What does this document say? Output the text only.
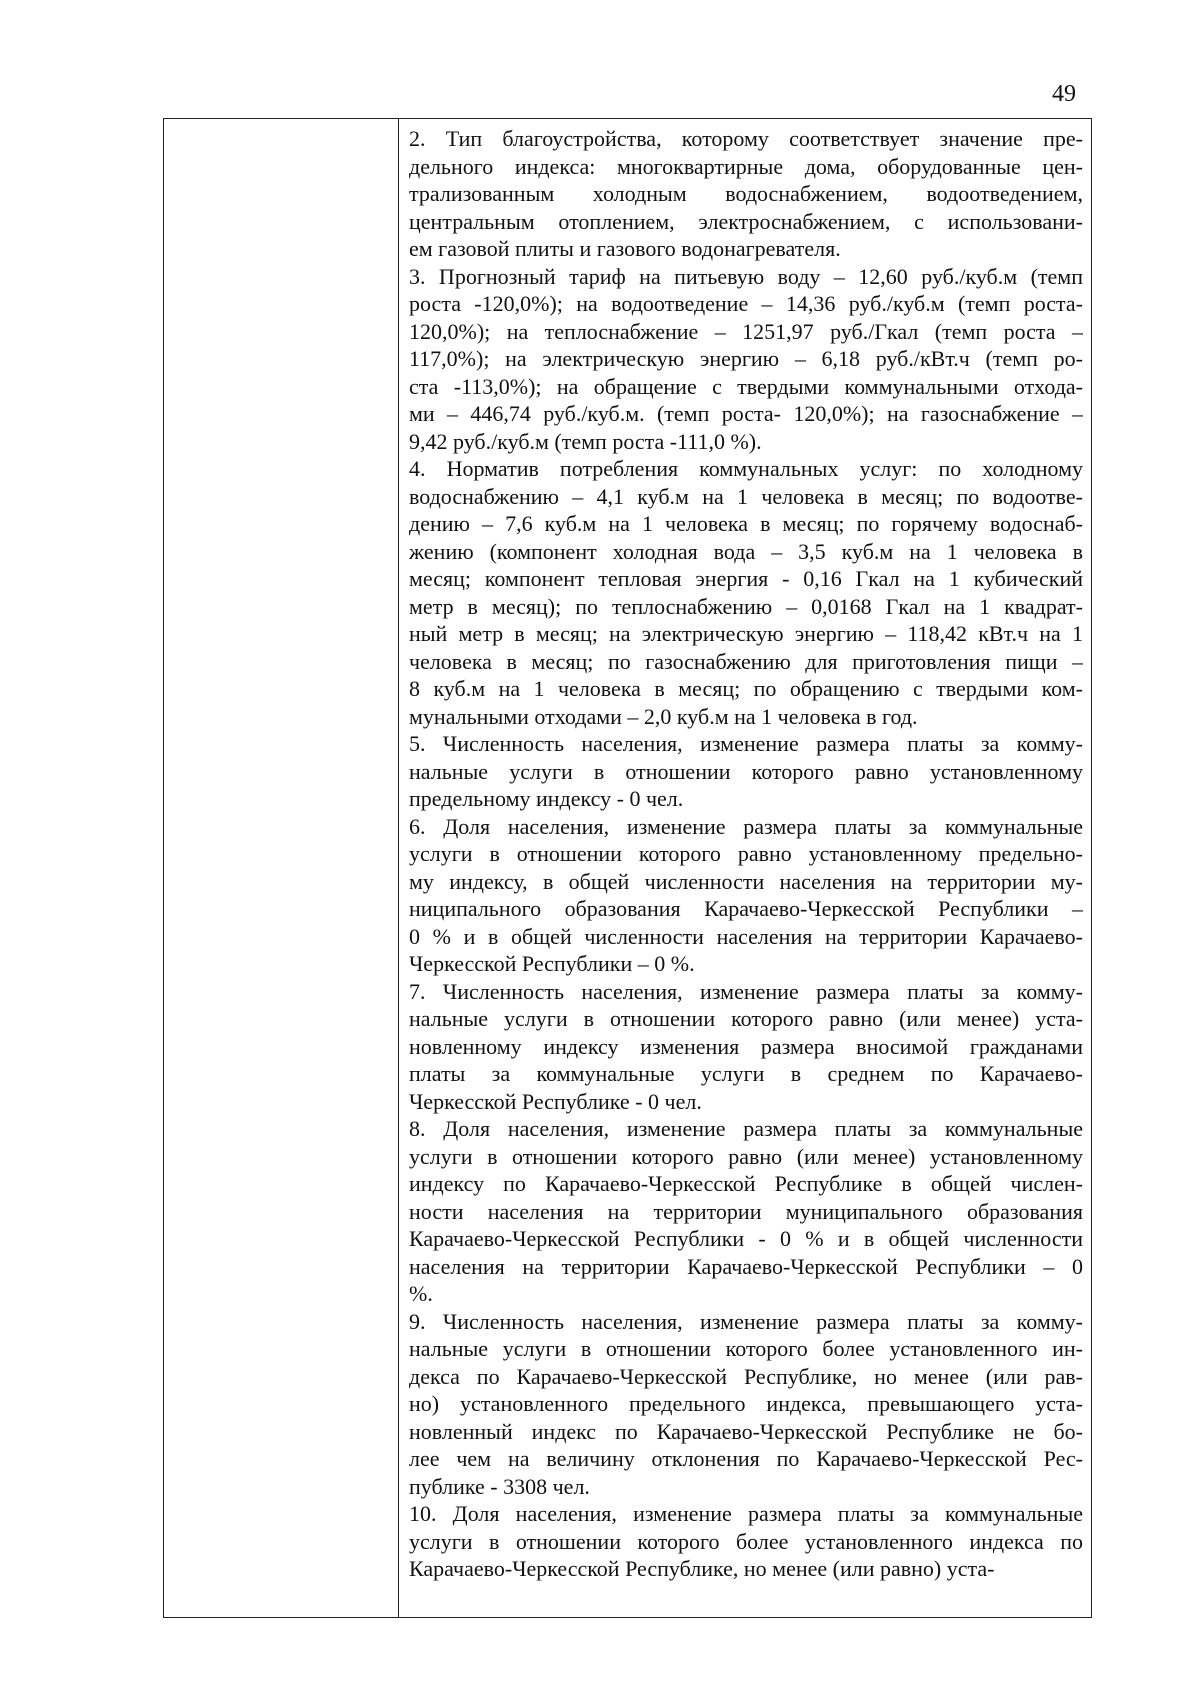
49
2. Тип благоустройства, которому соответствует значение пре-
дельного индекса: многоквартирные дома, оборудованные цен-
трализованным холодным водоснабжением, водоотведением,
центральным отоплением, электроснабжением, с использовани-
ем газовой плиты и газового водонагревателя.
3. Прогнозный тариф на питьевую воду – 12,60 руб./куб.м (темп
роста -120,0%); на водоотведение – 14,36 руб./куб.м (темп роста-
120,0%); на теплоснабжение – 1251,97 руб./Гкал (темп роста –
117,0%); на электрическую энергию – 6,18 руб./кВт.ч (темп ро-
ста -113,0%); на обращение с твердыми коммунальными отхода-
ми – 446,74 руб./куб.м. (темп роста- 120,0%); на газоснабжение –
9,42 руб./куб.м (темп роста -111,0 %).
4. Норматив потребления коммунальных услуг: по холодному
водоснабжению – 4,1 куб.м на 1 человека в месяц; по водоотве-
дению – 7,6 куб.м на 1 человека в месяц; по горячему водоснаб-
жению (компонент холодная вода – 3,5 куб.м на 1 человека в
месяц; компонент тепловая энергия - 0,16 Гкал на 1 кубический
метр в месяц); по теплоснабжению – 0,0168 Гкал на 1 квадрат-
ный метр в месяц; на электрическую энергию – 118,42 кВт.ч на 1
человека в месяц; по газоснабжению для приготовления пищи –
8 куб.м на 1 человека в месяц; по обращению с твердыми ком-
мунальными отходами – 2,0 куб.м на 1 человека в год.
5. Численность населения, изменение размера платы за комму-
нальные услуги в отношении которого равно установленному
предельному индексу - 0 чел.
6. Доля населения, изменение размера платы за коммунальные
услуги в отношении которого равно установленному предельно-
му индексу, в общей численности населения на территории му-
ниципального образования Карачаево-Черкесской Республики –
0 % и в общей численности населения на территории Карачаево-
Черкесской Республики – 0 %.
7. Численность населения, изменение размера платы за комму-
нальные услуги в отношении которого равно (или менее) уста-
новленному индексу изменения размера вносимой гражданами
платы за коммунальные услуги в среднем по Карачаево-
Черкесской Республике - 0 чел.
8. Доля населения, изменение размера платы за коммунальные
услуги в отношении которого равно (или менее) установленному
индексу по Карачаево-Черкесской Республике в общей числен-
ности населения на территории муниципального образования
Карачаево-Черкесской Республики - 0 % и в общей численности
населения на территории Карачаево-Черкесской Республики – 0
%.
9. Численность населения, изменение размера платы за комму-
нальные услуги в отношении которого более установленного ин-
декса по Карачаево-Черкесской Республике, но менее (или рав-
но) установленного предельного индекса, превышающего уста-
новленный индекс по Карачаево-Черкесской Республике не бо-
лее чем на величину отклонения по Карачаево-Черкесской Рес-
публике - 3308 чел.
10. Доля населения, изменение размера платы за коммунальные
услуги в отношении которого более установленного индекса по
Карачаево-Черкесской Республике, но менее (или равно) уста-
